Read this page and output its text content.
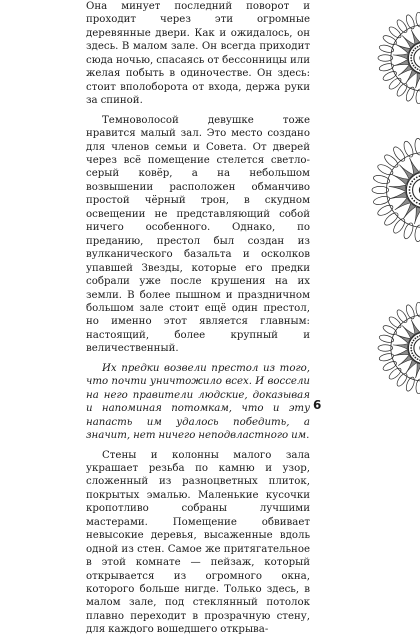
Она минует последний поворот и проходит через эти огромные деревянные двери. Как и ожидалось, он здесь. В малом зале. Он всегда приходит сюда ночью, спасаясь от бессонницы или желая побыть в одиночестве. Он здесь: стоит вполоборота от входа, держа руки за спиной.

Темноволосой девушке тоже нравится малый зал. Это место создано для членов семьи и Совета. От дверей через всё помещение стелется светло-серый ковёр, а на небольшом возвышении расположен обманчиво простой чёрный трон, в скудном освещении не представляющий собой ничего особенного. Однако, по преданию, престол был создан из вулканического базальта и осколков упавшей Звезды, которые его предки собрали уже после крушения на их земли. В более пышном и праздничном большом зале стоит ещё один престол, но именно этот является главным: настоящий, более крупный и величественный.

Их предки возвели престол из того, что почти уничтожило всех. И воссели на него правители людские, доказывая и напоминая потомкам, что и эту напасть им удалось победить, а значит, нет ничего неподвластного им.

Стены и колонны малого зала украшает резьба по камню и узор, сложенный из разноцветных плиток, покрытых эмалью. Маленькие кусочки кропотливо собраны лучшими мастерами. Помещение обвивает невысокие деревья, высаженные вдоль одной из стен. Самое же притягательное в этой комнате — пейзаж, который открывается из огромного окна, которого больше нигде. Только здесь, в малом зале, под стеклянный потолок плавно переходит в прозрачную стену, для каждого вошедшего открыва-

6
